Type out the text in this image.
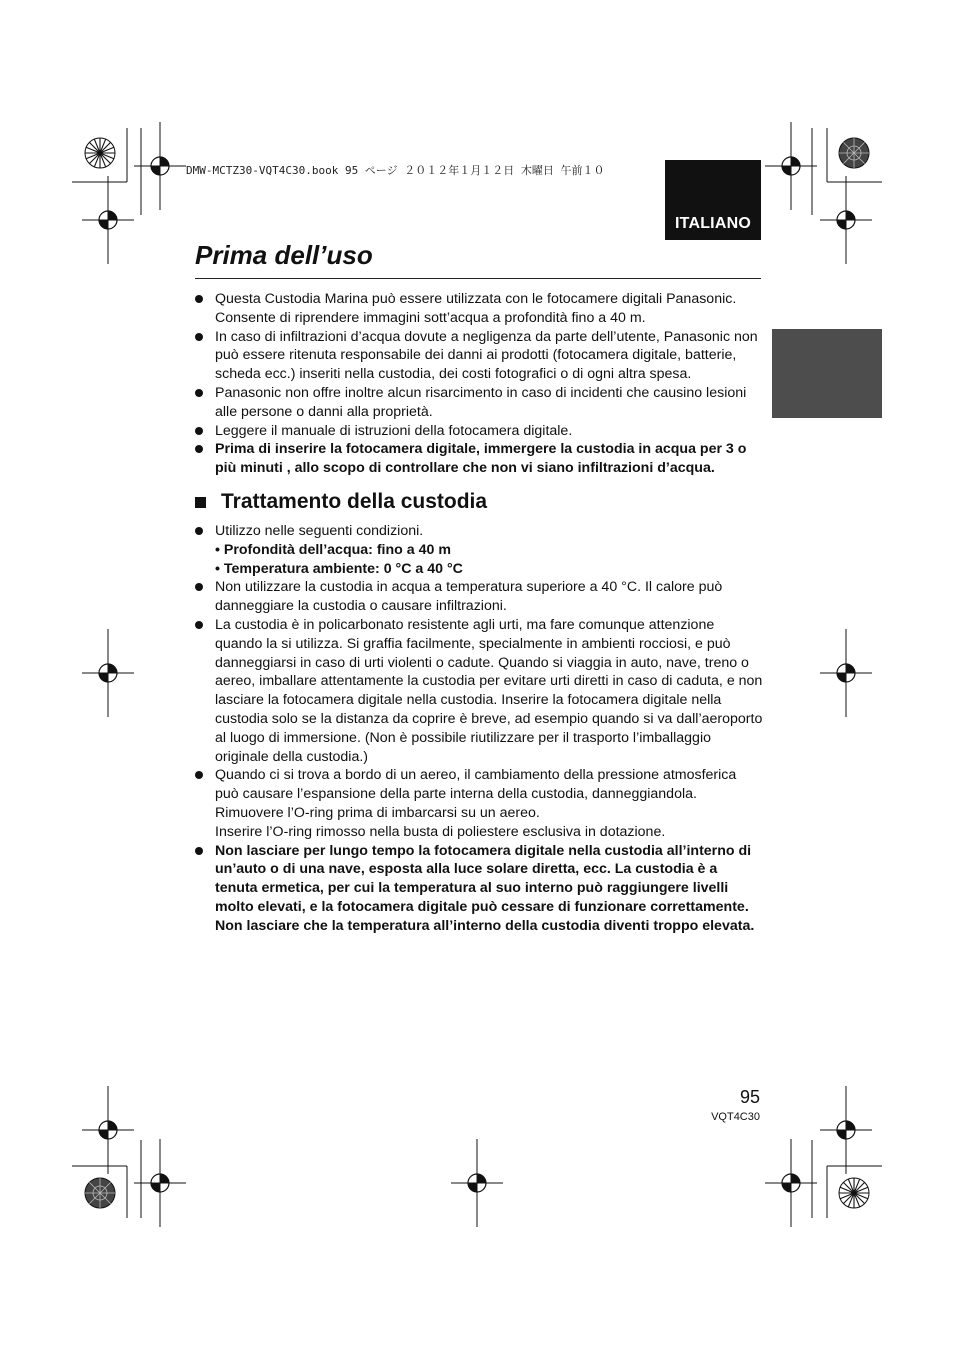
DMW-MCTZ30-VQT4C30.book 95 ページ ２０１２年１月１２日 木曜日 午前１０
ITALIANO
Prima dell’uso
Questa Custodia Marina può essere utilizzata con le fotocamere digitali Panasonic. Consente di riprendere immagini sott’acqua a profondità fino a 40 m.
In caso di infiltrazioni d’acqua dovute a negligenza da parte dell’utente, Panasonic non può essere ritenuta responsabile dei danni ai prodotti (fotocamera digitale, batterie, scheda ecc.) inseriti nella custodia, dei costi fotografici o di ogni altra spesa.
Panasonic non offre inoltre alcun risarcimento in caso di incidenti che causino lesioni alle persone o danni alla proprietà.
Leggere il manuale di istruzioni della fotocamera digitale.
Prima di inserire la fotocamera digitale, immergere la custodia in acqua per 3 o più minuti , allo scopo di controllare che non vi siano infiltrazioni d’acqua.
Trattamento della custodia
Utilizzo nelle seguenti condizioni.
• Profondità dell’acqua: fino a 40 m
• Temperatura ambiente: 0 °C a 40 °C
Non utilizzare la custodia in acqua a temperatura superiore a 40 °C. Il calore può danneggiare la custodia o causare infiltrazioni.
La custodia è in policarbonato resistente agli urti, ma fare comunque attenzione quando la si utilizza. Si graffia facilmente, specialmente in ambienti rocciosi, e può danneggiarsi in caso di urti violenti o cadute. Quando si viaggia in auto, nave, treno o aereo, imballare attentamente la custodia per evitare urti diretti in caso di caduta, e non lasciare la fotocamera digitale nella custodia. Inserire la fotocamera digitale nella custodia solo se la distanza da coprire è breve, ad esempio quando si va dall’aeroporto al luogo di immersione. (Non è possibile riutilizzare per il trasporto l’imballaggio originale della custodia.)
Quando ci si trova a bordo di un aereo, il cambiamento della pressione atmosferica può causare l’espansione della parte interna della custodia, danneggiandola. Rimuovere l’O-ring prima di imbarcarsi su un aereo.
Inserire l’O-ring rimosso nella busta di poliestere esclusiva in dotazione.
Non lasciare per lungo tempo la fotocamera digitale nella custodia all’interno di un’auto o di una nave, esposta alla luce solare diretta, ecc. La custodia è a tenuta ermetica, per cui la temperatura al suo interno può raggiungere livelli molto elevati, e la fotocamera digitale può cessare di funzionare correttamente. Non lasciare che la temperatura all’interno della custodia diventi troppo elevata.
95
VQT4C30
